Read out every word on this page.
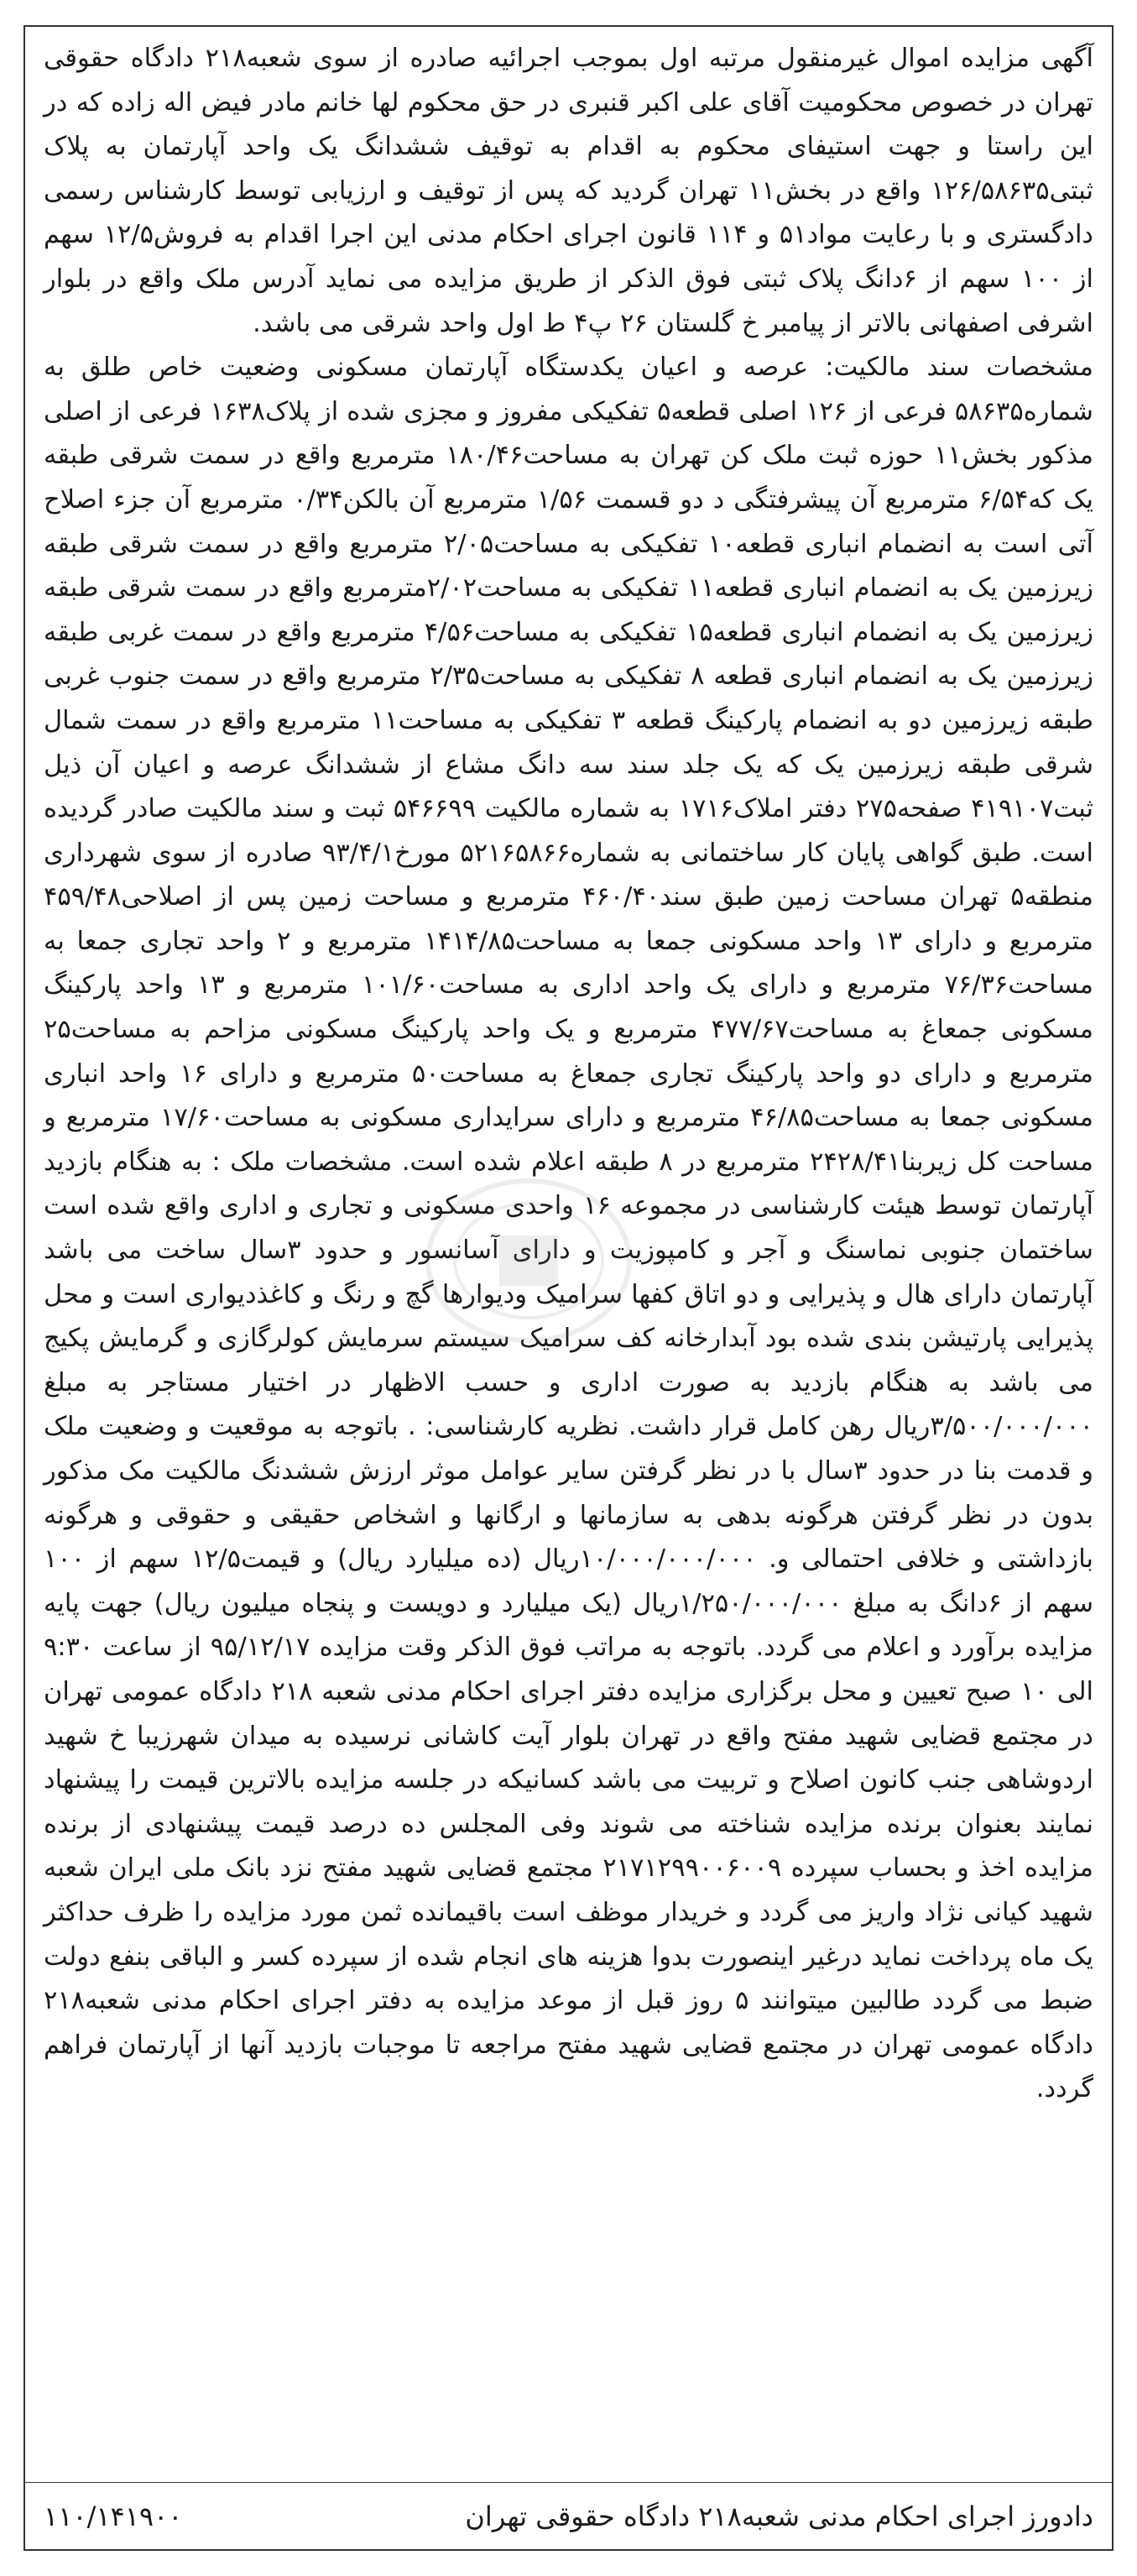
آگهی مزایده اموال غیرمنقول مرتبه اول بموجب اجرائیه صادره از سوی شعبه۲۱۸ دادگاه حقوقی تهران در خصوص محکومیت آقای علی اکبر قنبری در حق محکوم لها خانم مادر فیض اله زاده که در این راستا و جهت استیفای محکوم به اقدام به توقیف ششدانگ یک واحد آپارتمان به پلاک ثبتی۱۲۶/۵۸۶۳۵ واقع در بخش۱۱ تهران گردید که پس از توقیف و ارزیابی توسط کارشناس رسمی دادگستری و با رعایت مواد۵۱ و ۱۱۴ قانون اجرای احکام مدنی این اجرا اقدام به فروش۱۲/۵ سهم از ۱۰۰ سهم از ۶دانگ پلاک ثبتی فوق الذکر از طریق مزایده می نماید آدرس ملک واقع در بلوار اشرفی اصفهانی بالاتر از پیامبر خ گلستان ۲۶ پ۴ ط اول واحد شرقی می باشد.

مشخصات سند مالکیت: عرصه و اعیان یکدستگاه آپارتمان مسکونی وضعیت خاص طلق به شماره۵۸۶۳۵ فرعی از ۱۲۶ اصلی قطعه۵ تفکیکی مفروز و مجزی شده از پلاک۱۶۳۸ فرعی از اصلی مذکور بخش۱۱ حوزه ثبت ملک کن تهران به مساحت۱۸۰/۴۶ مترمربع واقع در سمت شرقی طبقه یک که۶/۵۴ مترمربع آن پیشرفتگی د دو قسمت ۱/۵۶ مترمربع آن بالکن۰/۳۴ مترمربع آن جزء اصلاح آتی است به انضمام انباری قطعه۱۰ تفکیکی به مساحت۲/۰۵ مترمربع واقع در سمت شرقی طبقه زیرزمین یک به انضمام انباری قطعه۱۱ تفکیکی به مساحت۲/۰۲مترمربع واقع در سمت شرقی طبقه زیرزمین یک به انضمام انباری قطعه۱۵ تفکیکی به مساحت۴/۵۶ مترمربع واقع در سمت غربی طبقه زیرزمین یک به انضمام انباری قطعه ۸ تفکیکی به مساحت۲/۳۵ مترمربع واقع در سمت جنوب غربی طبقه زیرزمین دو به انضمام پارکینگ قطعه ۳ تفکیکی به مساحت۱۱ مترمربع واقع در سمت شمال شرقی طبقه زیرزمین یک که یک جلد سند سه دانگ مشاع از ششدانگ عرصه و اعیان آن ذیل ثبت۴۱۹۱۰۷ صفحه۲۷۵ دفتر املاک۱۷۱۶ به شماره مالکیت ۵۴۶۶۹۹ ثبت و سند مالکیت صادر گردیده است. طبق گواهی پایان کار ساختمانی به شماره۵۲۱۶۵۸۶۶ مورخ۹۳/۴/۱ صادره از سوی شهرداری منطقه۵ تهران مساحت زمین طبق سند۴۶۰/۴۰ مترمربع و مساحت زمین پس از اصلاحی۴۵۹/۴۸ مترمربع و دارای ۱۳ واحد مسکونی جمعا به مساحت۱۴۱۴/۸۵ مترمربع و ۲ واحد تجاری جمعا به مساحت۷۶/۳۶ مترمربع و دارای یک واحد اداری به مساحت۱۰۱/۶۰ مترمربع و ۱۳ واحد پارکینگ مسکونی جمعاغ به مساحت۴۷۷/۶۷ مترمربع و یک واحد پارکینگ مسکونی مزاحم به مساحت۲۵ مترمربع و دارای دو واحد پارکینگ تجاری جمعاغ به مساحت۵۰ مترمربع و دارای ۱۶ واحد انباری مسکونی جمعا به مساحت۴۶/۸۵ مترمربع و دارای سرایداری مسکونی به مساحت۱۷/۶۰ مترمربع و مساحت کل زیربنا۲۴۲۸/۴۱ مترمربع در ۸ طبقه اعلام شده است. مشخصات ملک : به هنگام بازدید آپارتمان توسط هیئت کارشناسی در مجموعه ۱۶ واحدی مسکونی و تجاری و اداری واقع شده است ساختمان جنوبی نماسنگ و آجر و کامپوزیت و دارای آسانسور و حدود ۳سال ساخت می باشد آپارتمان دارای هال و پذیرایی و دو اتاق کفها سرامیک ودیوارها گچ و رنگ و کاغذدیواری است و محل پذیرایی پارتیشن بندی شده بود آبدارخانه کف سرامیک سیستم سرمایش کولرگازی و گرمایش پکیج می باشد به هنگام بازدید به صورت اداری و حسب الاظهار در اختیار مستاجر به مبلغ ۳/۵۰۰/۰۰۰/۰۰۰ریال رهن کامل قرار داشت. نظریه کارشناسی: . باتوجه به موقعیت و وضعیت ملک و قدمت بنا در حدود ۳سال با در نظر گرفتن سایر عوامل موثر ارزش ششدنگ مالکیت مک مذکور بدون در نظر گرفتن هرگونه بدهی به سازمانها و ارگانها و اشخاص حقیقی و حقوقی و هرگونه بازداشتی و خلافی احتمالی و. ۱۰/۰۰۰/۰۰۰/۰۰۰ریال (ده میلیارد ریال) و قیمت۱۲/۵ سهم از ۱۰۰ سهم از ۶دانگ به مبلغ ۱/۲۵۰/۰۰۰/۰۰۰ریال (یک میلیارد و دویست و پنجاه میلیون ریال) جهت پایه مزایده برآورد و اعلام می گردد. باتوجه به مراتب فوق الذکر وقت مزایده ۹۵/۱۲/۱۷ از ساعت ۹:۳۰ الی ۱۰ صبح تعیین و محل برگزاری مزایده دفتر اجرای احکام مدنی شعبه ۲۱۸ دادگاه عمومی تهران در مجتمع قضایی شهید مفتح واقع در تهران بلوار آیت کاشانی نرسیده به میدان شهرزیبا خ شهید اردوشاهی جنب کانون اصلاح و تربیت می باشد کسانیکه در جلسه مزایده بالاترین قیمت را پیشنهاد نمایند بعنوان برنده مزایده شناخته می شوند وفی المجلس ده درصد قیمت پیشنهادی از برنده مزایده اخذ و بحساب سپرده ۲۱۷۱۲۹۹۰۰۶۰۰۹ مجتمع قضایی شهید مفتح نزد بانک ملی ایران شعبه شهید کیانی نژاد واریز می گردد و خریدار موظف است باقیمانده ثمن مورد مزایده را ظرف حداکثر یک ماه پرداخت نماید درغیر اینصورت بدوا هزینه های انجام شده از سپرده کسر و الباقی بنفع دولت ضبط می گردد طالبین میتوانند ۵ روز قبل از موعد مزایده به دفتر اجرای احکام مدنی شعبه۲۱۸ دادگاه عمومی تهران در مجتمع قضایی شهید مفتح مراجعه تا موجبات بازدید آنها از آپارتمان فراهم گردد.

دادورز اجرای احکام مدنی شعبه۲۱۸ دادگاه حقوقی تهران
۱۱۰/۱۴۱۹۰۰
